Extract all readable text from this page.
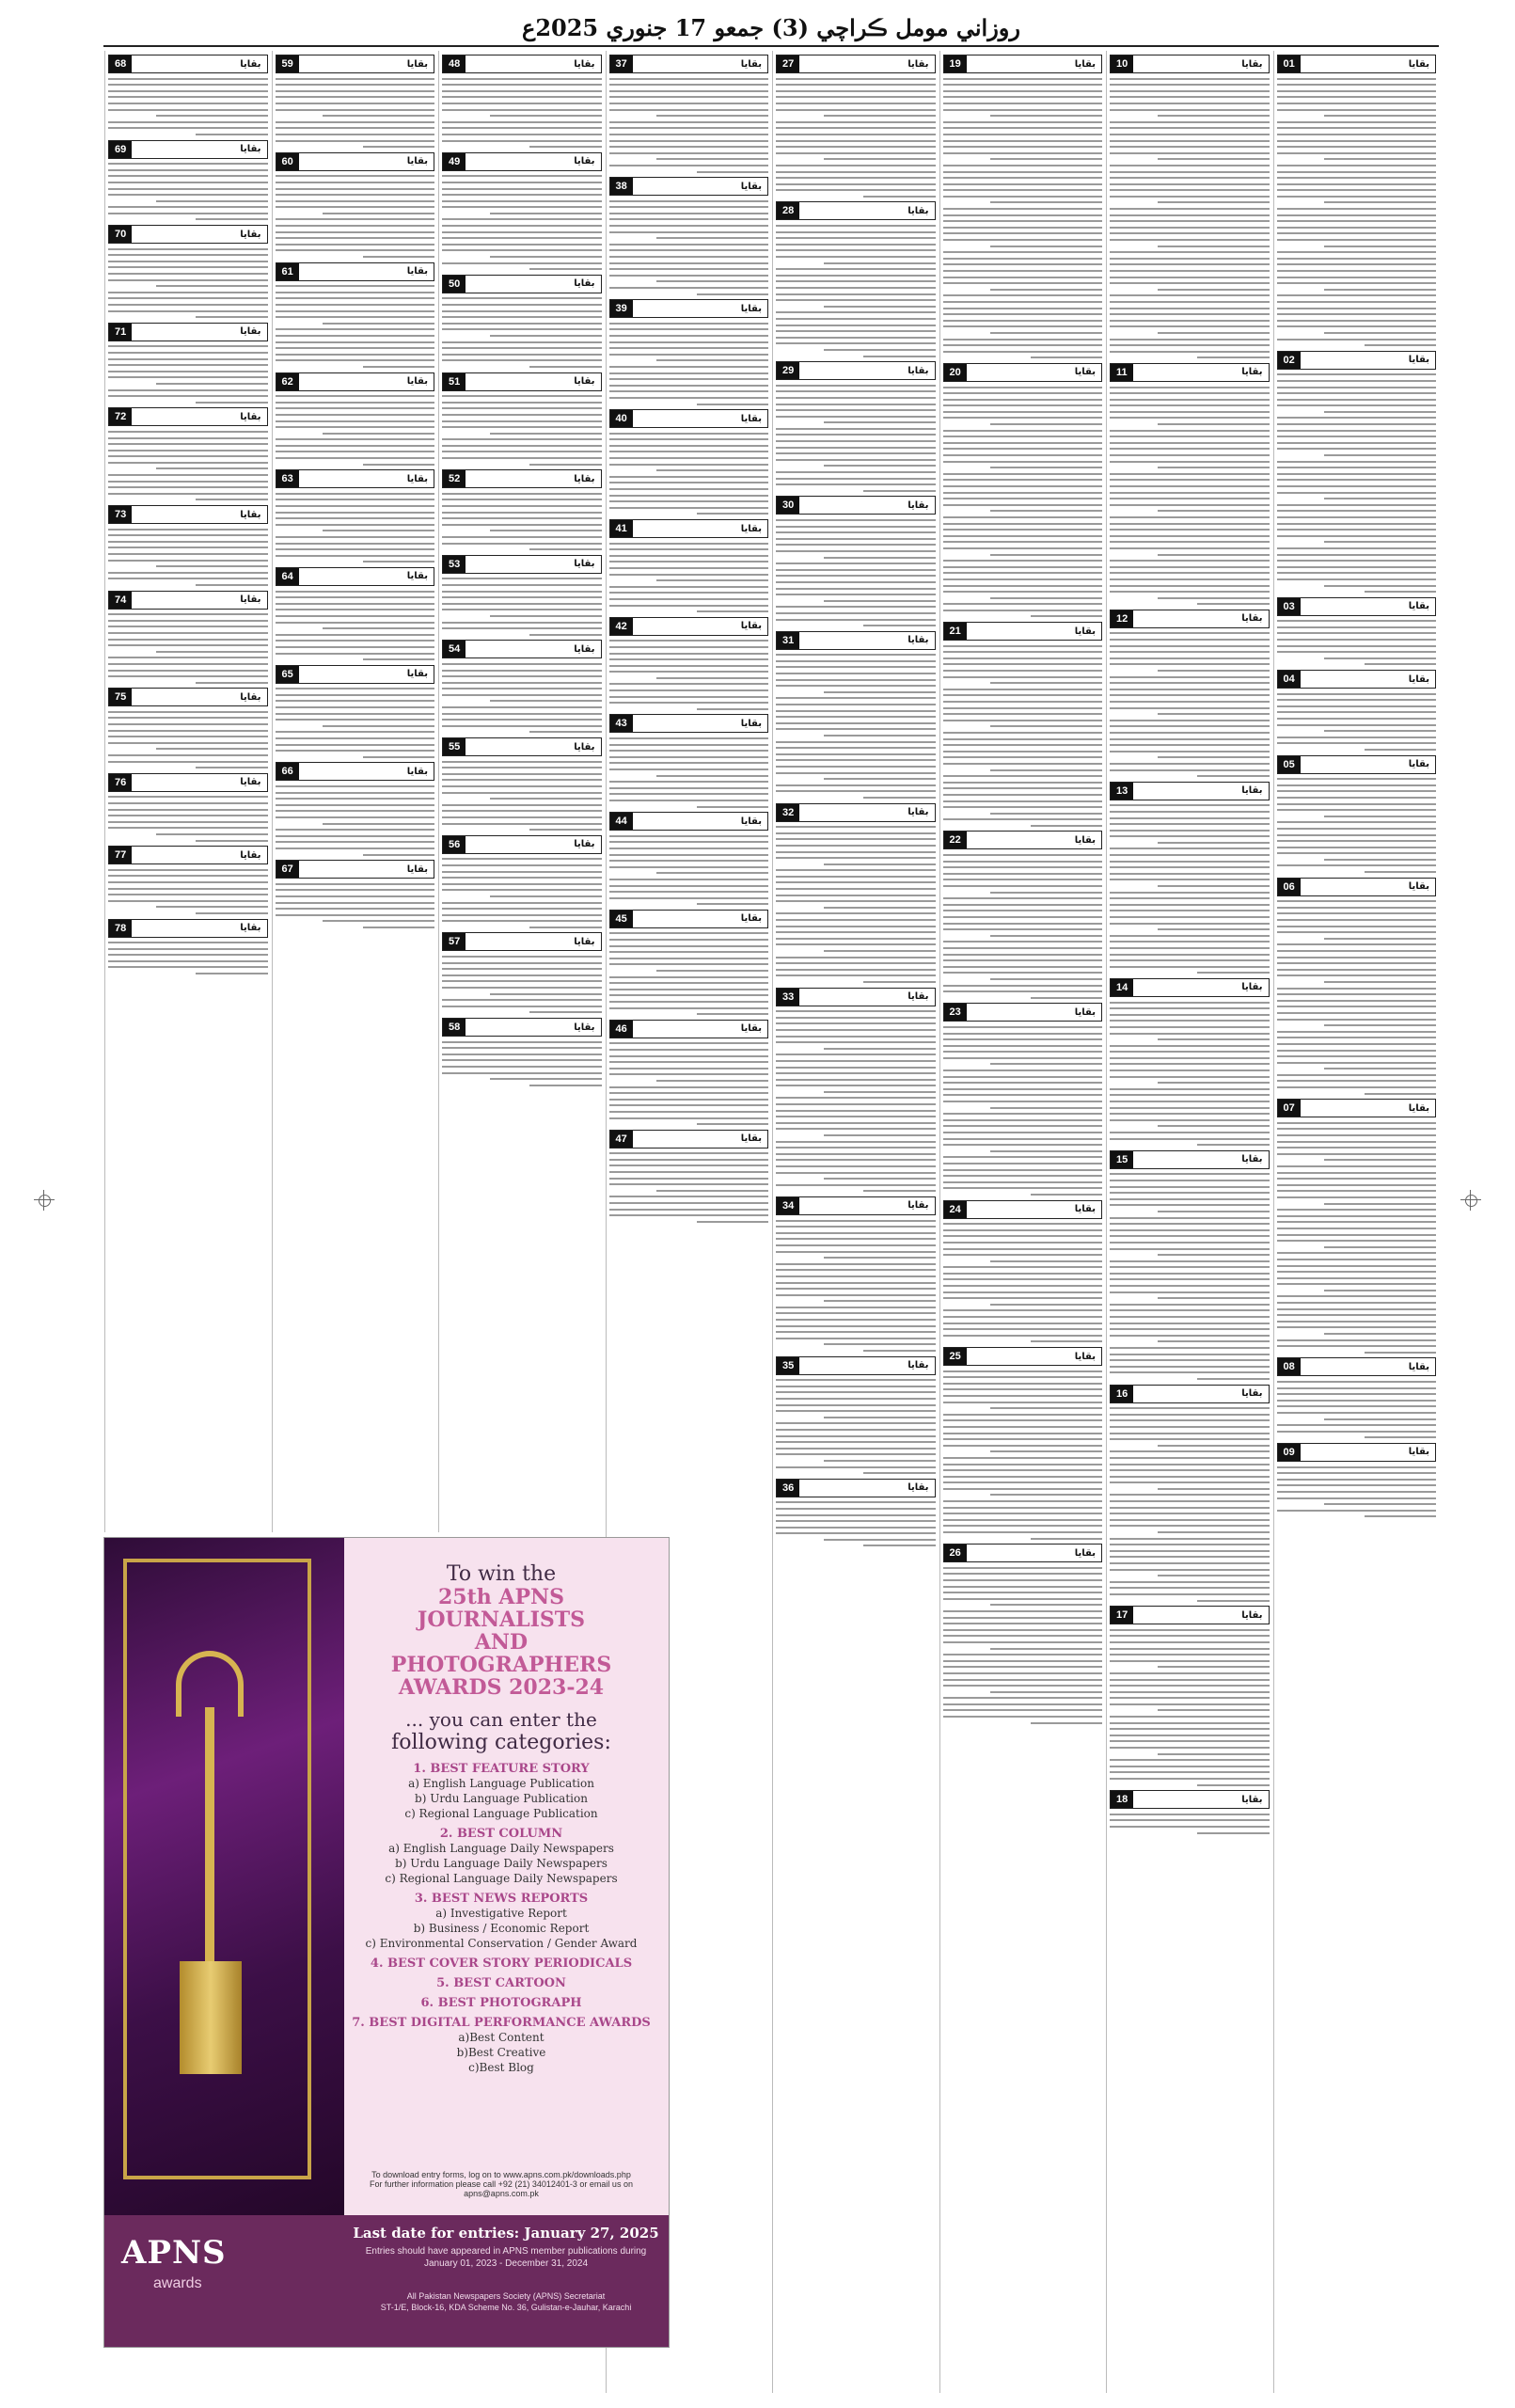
روزاني مومل ڪراچي (3) جمعو 17 جنوري 2025ع
بقايا
01
بقايا
02
بقايا
03
بقايا
04
بقايا
05
بقايا
06
بقايا
07
بقايا
08
بقايا
09
بقايا
10
بقايا
11
بقايا
12
بقايا
13
بقايا
14
بقايا
15
بقايا
16
بقايا
17
بقايا
18
بقايا
19
بقايا
20
بقايا
21
بقايا
22
بقايا
23
بقايا
24
بقايا
25
بقايا
26
بقايا
27
بقايا
28
بقايا
29
بقايا
30
بقايا
31
بقايا
32
بقايا
33
بقايا
34
بقايا
35
بقايا
36
بقايا
37
بقايا
38
بقايا
39
بقايا
40
بقايا
41
بقايا
42
بقايا
43
بقايا
44
بقايا
45
بقايا
46
بقايا
47
بقايا
48
بقايا
49
بقايا
50
بقايا
51
بقايا
52
بقايا
53
بقايا
54
بقايا
55
بقايا
56
بقايا
57
بقايا
58
بقايا
59
بقايا
60
بقايا
61
بقايا
62
بقايا
63
بقايا
64
بقايا
65
بقايا
66
بقايا
67
بقايا
68
بقايا
69
بقايا
70
بقايا
71
بقايا
72
بقايا
73
بقايا
74
بقايا
75
بقايا
76
بقايا
77
بقايا
78
To win the
25th APNS
JOURNALISTS
AND
PHOTOGRAPHERS
AWARDS 2023-24
... you can enter the
following categories:
1. BEST FEATURE STORY
a) English Language Publication
b) Urdu Language Publication
c) Regional Language Publication
2. BEST COLUMN
a) English Language Daily Newspapers
b) Urdu Language Daily Newspapers
c) Regional Language Daily Newspapers
3. BEST NEWS REPORTS
a) Investigative Report
b) Business / Economic Report
c) Environmental Conservation / Gender Award
4. BEST COVER STORY PERIODICALS
5. BEST CARTOON
6. BEST PHOTOGRAPH
7. BEST DIGITAL PERFORMANCE AWARDS
a)Best Content
b)Best Creative
c)Best Blog
To download entry forms, log on to www.apns.com.pk/downloads.php
For further information please call +92 (21) 34012401-3 or email us on apns@apns.com.pk
APNS
awards
Last date for entries: January 27, 2025
Entries should have appeared in APNS member publications during January 01, 2023 - December 31, 2024
All Pakistan Newspapers Society (APNS) Secretariat
ST-1/E, Block-16, KDA Scheme No. 36, Gulistan-e-Jauhar, Karachi
